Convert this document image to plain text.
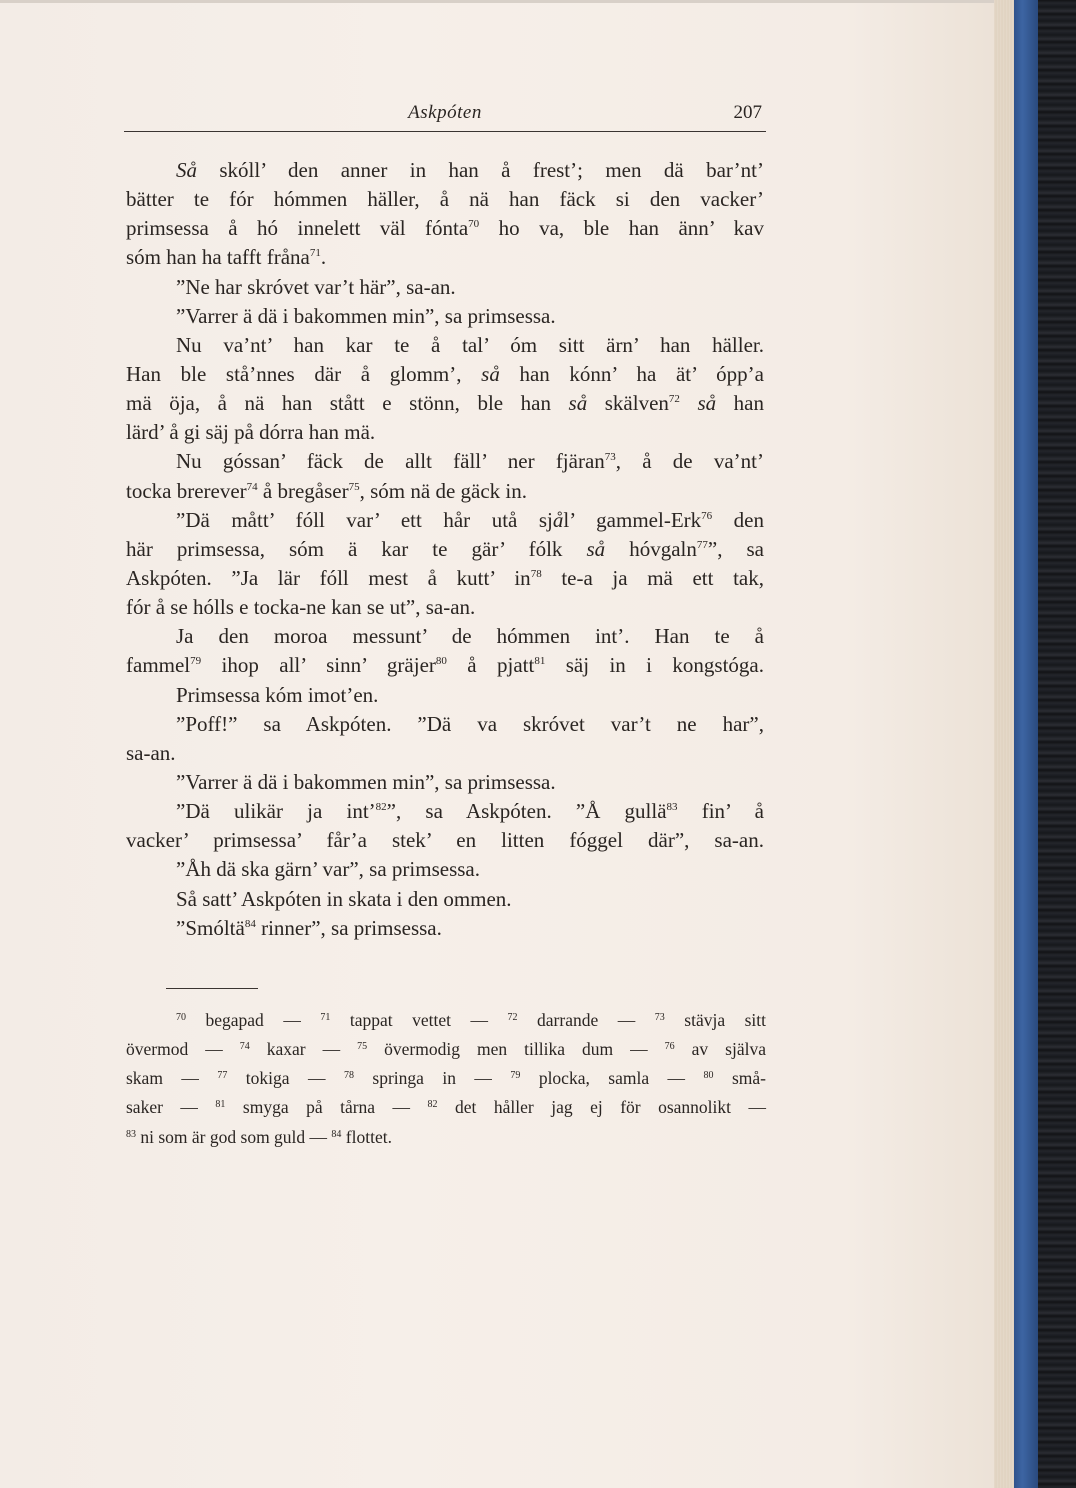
Askpóten	207
Så skóll’ den anner in han å frest’; men dä bar’nt’
bätter te fór hómmen häller, å nä han fäck si den vacker’
primsessa å hó innelett väl fónta$^{70}$ ho va, ble han änn’ kav
sóm han ha tafft fråna$^{71}$.
”Ne har skróvet var’t här”, sa-an.
”Varrer ä dä i bakommen min”, sa primsessa.
Nu va’nt’ han kar te å tal’ óm sitt ärn’ han häller.
Han ble stå’nnes där å glomm’, så han kónn’ ha ät’ ópp’a
mä öja, å nä han stått e stönn, ble han så skälven$^{72}$ så han
lärd’ å gi säj på dórra han mä.
Nu góssan’ fäck de allt fäll’ ner fjäran$^{73}$, å de va’nt’
tocka brerever$^{74}$ å bregåser$^{75}$, sóm nä de gäck in.
”Dä mått’ fóll var’ ett hår utå sjål’ gammel-Erk$^{76}$ den
här primsessa, sóm ä kar te gär’ fólk så hóvgaln$^{77}$”, sa
Askpóten. ”Ja lär fóll mest å kutt’ $in^{78}$ te-a ja mä ett tak,
fór å se hólls e tocka-ne kan se ut”, sa-an.
Ja den moroa messunt’ de hómmen int’. Han te å
fammel$^{79}$ ihop all’ sinn’ gräjer$^{80}$ å pjatt$^{81}$ säj in i kongstóga.
Primsessa kóm imot’en.
”Poff!” sa Askpóten. ”Dä va skróvet var’t ne har”,
sa-an.
”Varrer ä dä i bakommen min”, sa primsessa.
”Dä ulikär ja int’$^{82}$”, sa Askpóten. ”Å gullä$^{83}$ fin’ å
vacker’ primsessa’ får’a stek’ en litten fóggel där”, sa-an.
”Åh dä ska gärn’ var”, sa primsessa.
Så satt’ Askpóten in skata i den ommen.
”Smóltä$^{84}$ rinner”, sa primsessa.
$^{70}$ begapad — $^{71}$ tappat vettet — $^{72}$ darrande — $^{73}$ stävja sitt
övermod — $^{74}$ kaxar — $^{75}$ övermodig men tillika dum — $^{76}$ av själva
skam — $^{77}$ tokiga — $^{78}$ springa in — $^{79}$ plocka, samla — $^{80}$ små-
saker — $^{81}$ smyga på tårna — $^{82}$ det håller jag ej för osannolikt —
$^{83}$ ni som är god som guld — $^{84}$ flottet.
